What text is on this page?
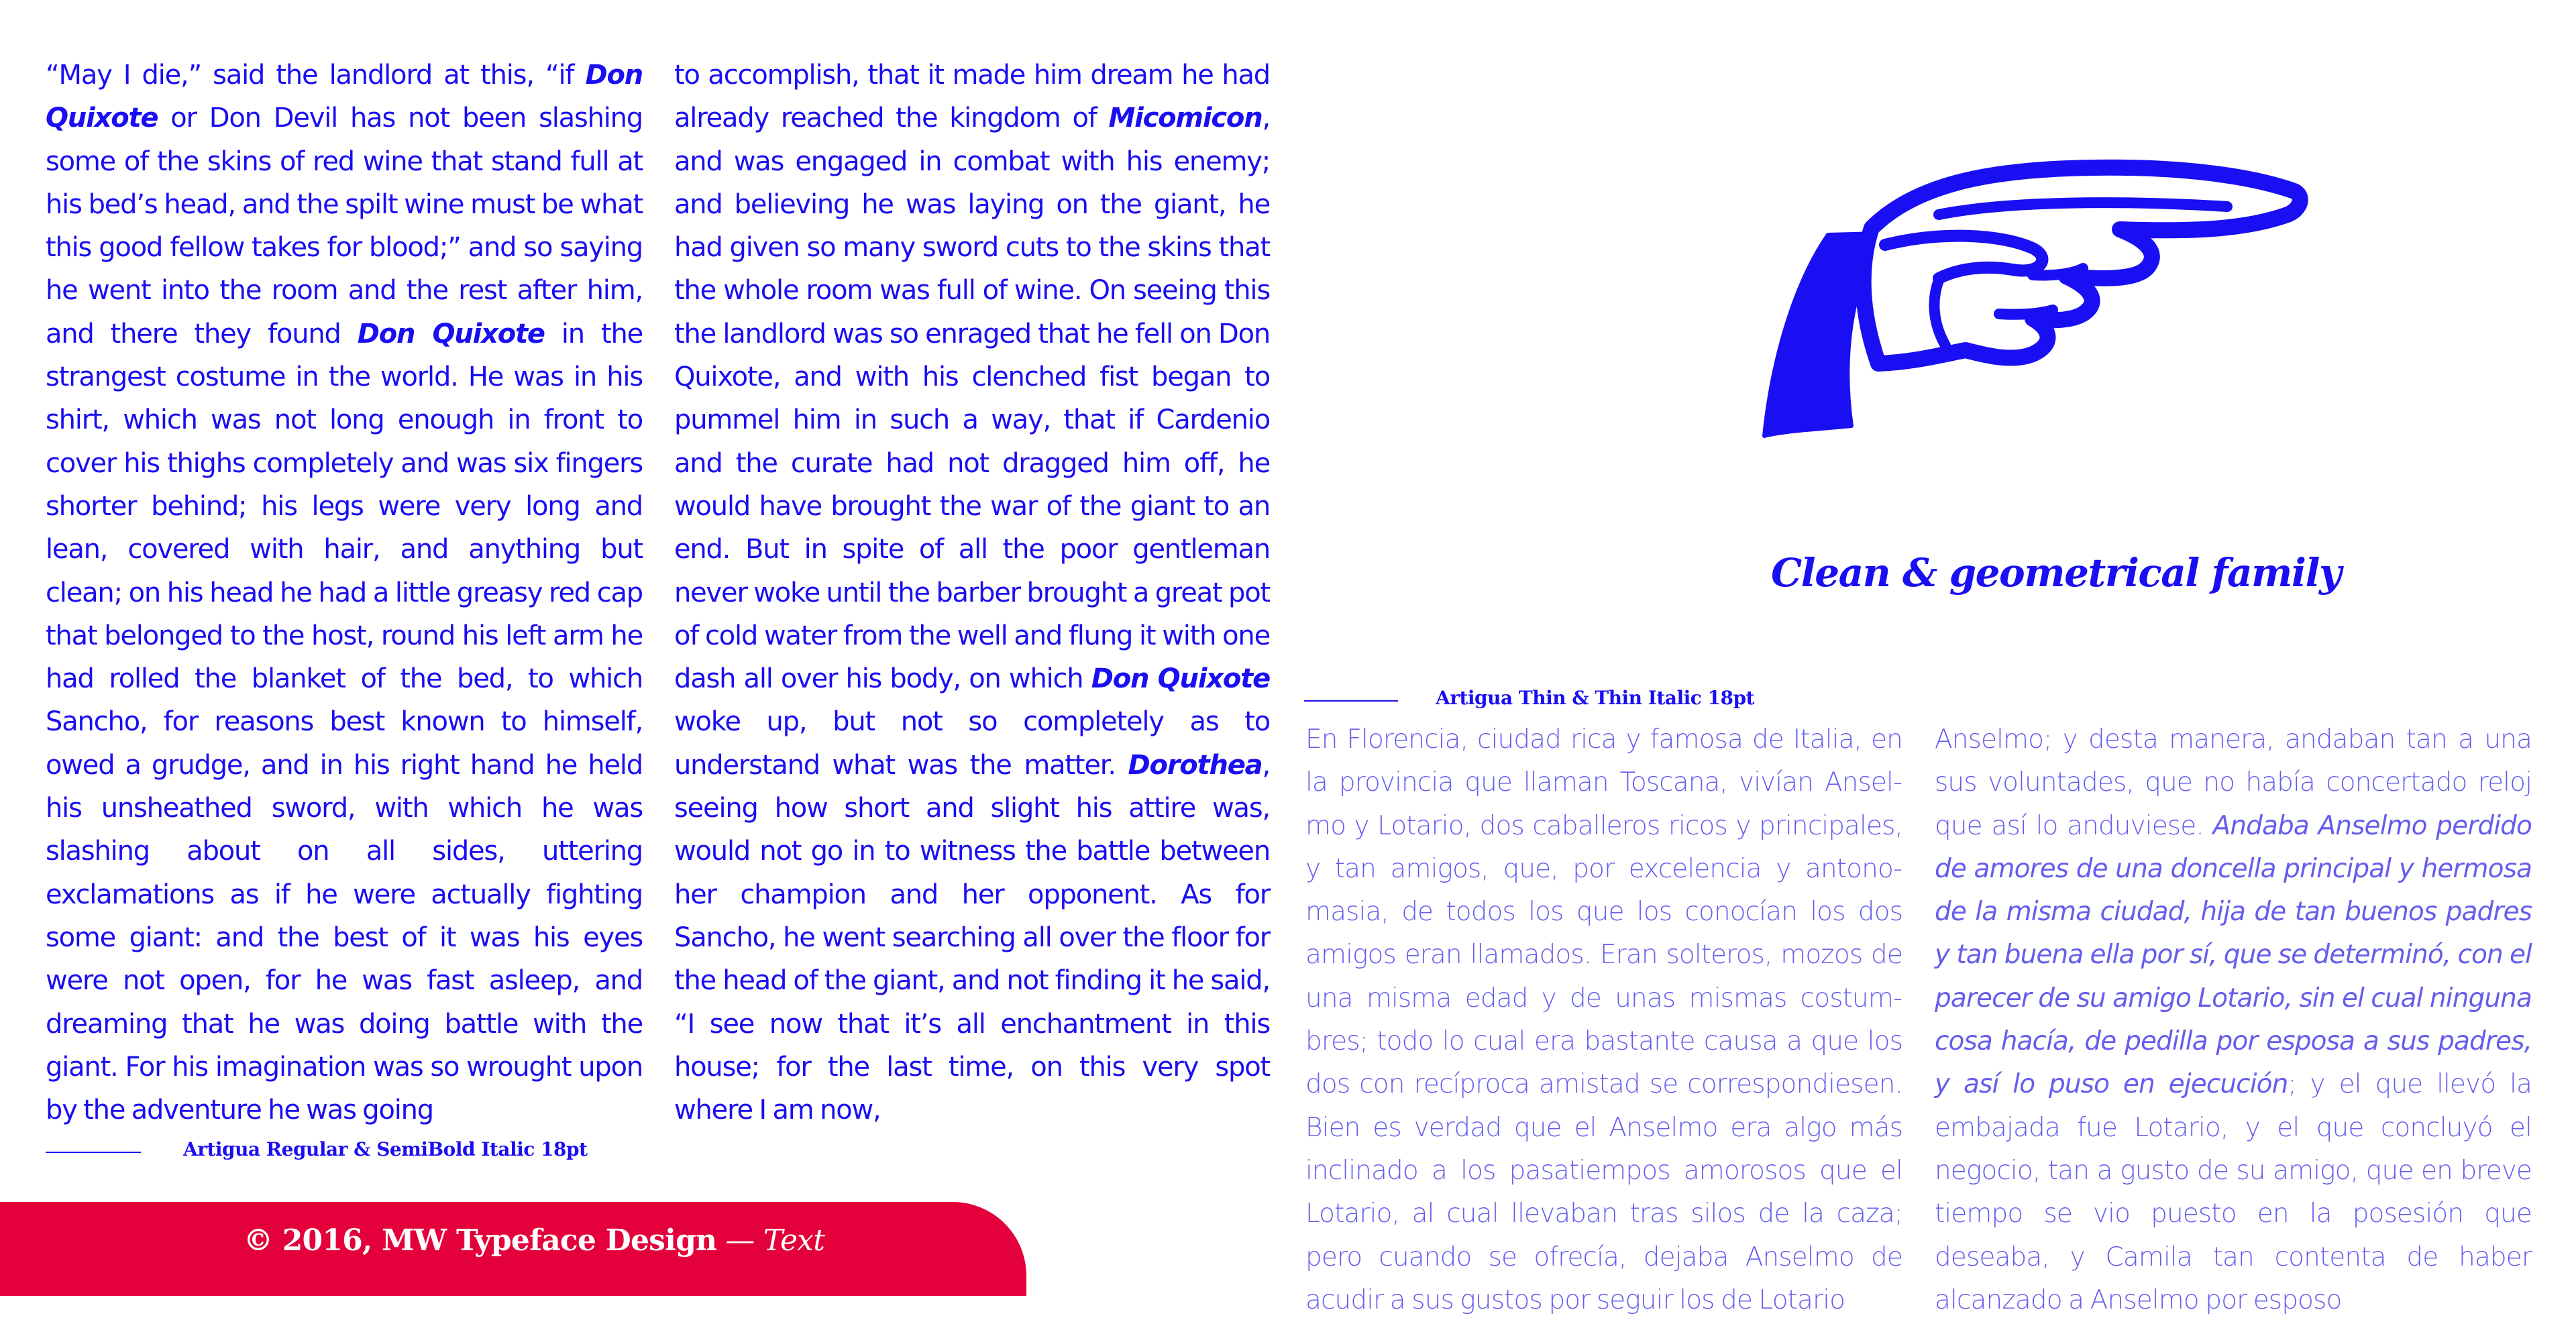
“May I die,” said the landlord at this, “if Don Quixote or Don Devil has not been slashing some of the skins of red wine that stand full at his bed’s head, and the spilt wine must be what this good fellow takes for blood;” and so saying he went into the room and the rest after him, and there they found Don Quixote in the strangest costume in the world. He was in his shirt, which was not long enough in front to cover his thighs completely and was six fingers shorter behind; his legs were very long and lean, covered with hair, and anything but clean; on his head he had a little greasy red cap that belonged to the host, round his left arm he had rolled the blanket of the bed, to which Sancho, for reasons best known to himself, owed a grudge, and in his right hand he held his unsheathed sword, with which he was slashing about on all sides, uttering exclamations as if he were actually fighting some giant: and the best of it was his eyes were not open, for he was fast asleep, and dreaming that he was doing battle with the giant. For his imagination was so wrought upon by the adventure he was going
to accomplish, that it made him dream he had already reached the kingdom of Micomicon, and was engaged in combat with his enemy; and believing he was laying on the giant, he had given so many sword cuts to the skins that the whole room was full of wine. On seeing this the landlord was so enraged that he fell on Don Quixote, and with his clenched fist began to pummel him in such a way, that if Cardenio and the curate had not dragged him off, he would have brought the war of the giant to an end. But in spite of all the poor gentleman never woke until the barber brought a great pot of cold water from the well and flung it with one dash all over his body, on which Don Quixote woke up, but not so completely as to understand what was the matter. Dorothea, seeing how short and slight his attire was, would not go in to witness the battle between her champion and her opponent. As for Sancho, he went searching all over the floor for the head of the giant, and not finding it he said, “I see now that it’s all enchantment in this house; for the last time, on this very spot where I am now,
Artigua Regular & SemiBold Italic 18pt
Clean & geometrical family
Artigua Thin & Thin Italic 18pt
En Florencia, ciudad rica y famosa de Italia, en la provincia que llaman Toscana, vivían Anselmo y Lotario, dos caballeros ricos y principales, y tan amigos, que, por excelencia y antonomasia, de todos los que los conocían los dos amigos eran llamados. Eran solteros, mozos de una misma edad y de unas mismas costumbres; todo lo cual era bastante causa a que los dos con recíproca amistad se correspondiesen. Bien es verdad que el Anselmo era algo más inclinado a los pasatiempos amorosos que el Lotario, al cual llevaban tras silos de la caza; pero cuando se ofrecía, dejaba Anselmo de acudir a sus gustos por seguir los de Lotario
Anselmo; y desta manera, andaban tan a una sus voluntades, que no había concertado reloj que así lo anduviese. Andaba Anselmo perdido de amores de una doncella principal y hermosa de la misma ciudad, hija de tan buenos padres y tan buena ella por sí, que se determinó, con el parecer de su amigo Lotario, sin el cual ninguna cosa hacía, de pedilla por esposa a sus padres, y así lo puso en ejecución; y el que llevó la embajada fue Lotario, y el que concluyó el negocio, tan a gusto de su amigo, que en breve tiempo se vio puesto en la posesión que deseaba, y Camila tan contenta de haber alcanzado a Anselmo por esposo
© 2016, MW Typeface Design — Text
